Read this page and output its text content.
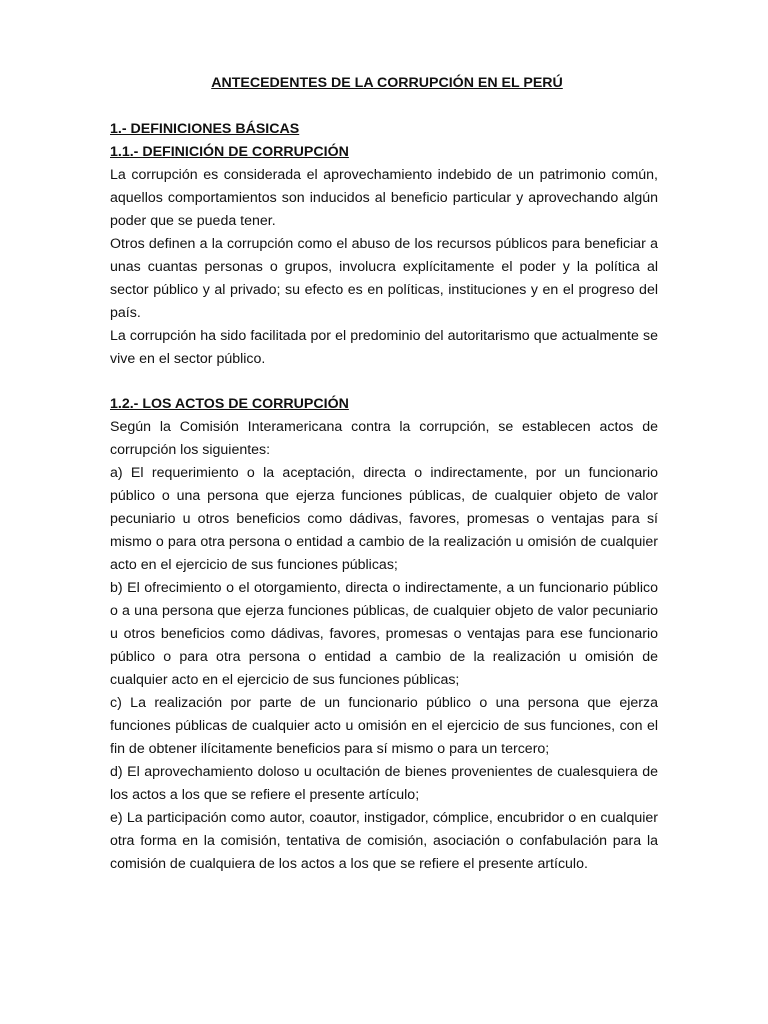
ANTECEDENTES DE LA CORRUPCIÓN EN EL PERÚ
1.- DEFINICIONES BÁSICAS
1.1.- DEFINICIÓN DE CORRUPCIÓN

La corrupción es considerada el aprovechamiento indebido de un patrimonio común, aquellos comportamientos son inducidos al beneficio particular y aprovechando algún poder que se pueda tener.

Otros definen a la corrupción como el abuso de los recursos públicos para beneficiar a unas cuantas personas o grupos, involucra explícitamente el poder y la política al sector público y al privado; su efecto es en políticas, instituciones y en el progreso del país.

La corrupción ha sido facilitada por el predominio del autoritarismo que actualmente se vive en el sector público.

1.2.- LOS ACTOS DE CORRUPCIÓN

Según la Comisión Interamericana contra la corrupción, se establecen actos de corrupción los siguientes:

a) El requerimiento o la aceptación, directa o indirectamente, por un funcionario público o una persona que ejerza funciones públicas, de cualquier objeto de valor pecuniario u otros beneficios como dádivas, favores, promesas o ventajas para sí mismo o para otra persona o entidad a cambio de la realización u omisión de cualquier acto en el ejercicio de sus funciones públicas;

b) El ofrecimiento o el otorgamiento, directa o indirectamente, a un funcionario público o a una persona que ejerza funciones públicas, de cualquier objeto de valor pecuniario u otros beneficios como dádivas, favores, promesas o ventajas para ese funcionario público o para otra persona o entidad a cambio de la realización u omisión de cualquier acto en el ejercicio de sus funciones públicas;

c) La realización por parte de un funcionario público o una persona que ejerza funciones públicas de cualquier acto u omisión en el ejercicio de sus funciones, con el fin de obtener ilícitamente beneficios para sí mismo o para un tercero;

d) El aprovechamiento doloso u ocultación de bienes provenientes de cualesquiera de los actos a los que se refiere el presente artículo;

e) La participación como autor, coautor, instigador, cómplice, encubridor o en cualquier otra forma en la comisión, tentativa de comisión, asociación o confabulación para la comisión de cualquiera de los actos a los que se refiere el presente artículo.
